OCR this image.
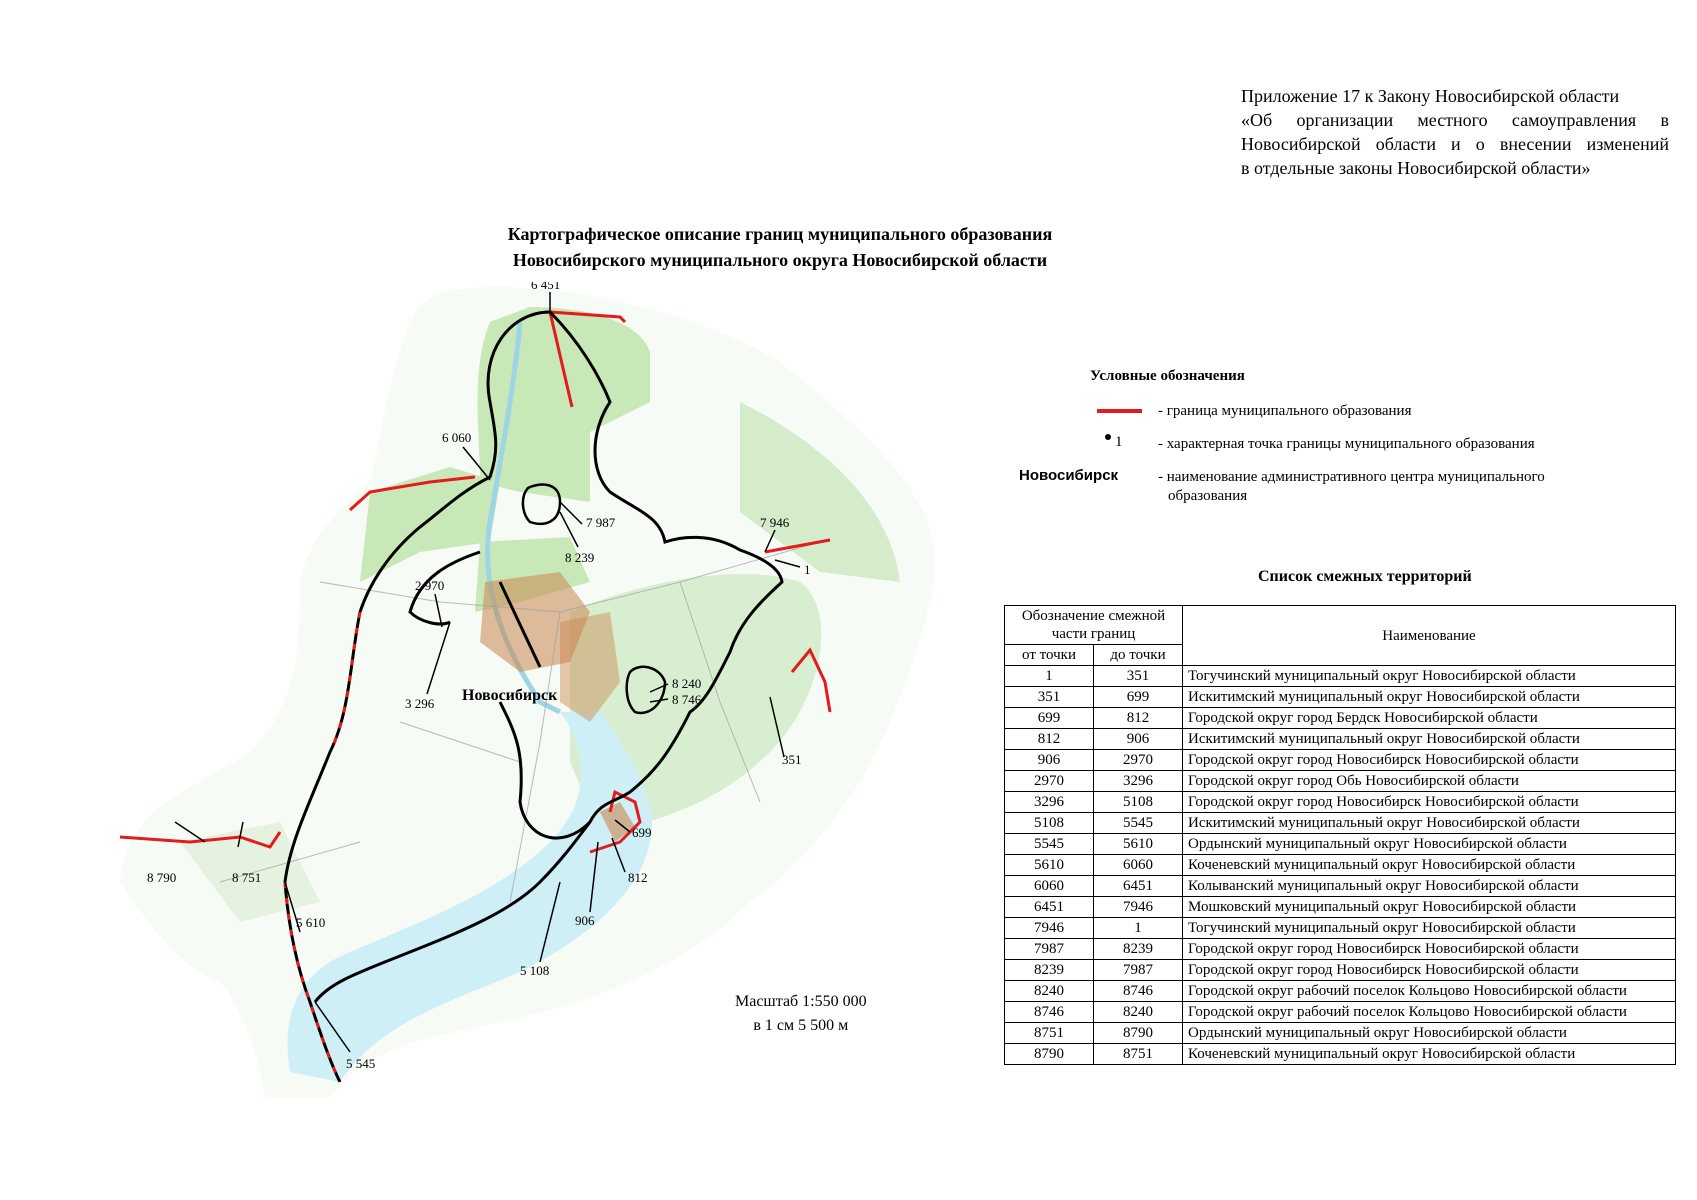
Приложение 17 к Закону Новосибирской области
«Об организации местного самоуправления в
Новосибирской области и о внесении изменений
в отдельные законы Новосибирской области»
Картографическое описание границ муниципального образования
Новосибирского муниципального округа Новосибирской области
6 451
6 060
7 987
8 239
7 946
1
2 970
3 296
8 240
8 746
351
699
812
906
5 108
5 545
5 610
8 790	8 751
Новосибирск
Условные обозначения
- граница муниципального образования
1 - характерная точка границы муниципального образования
Новосибирск	- наименование административного центра муниципального
образования
Список смежных территорий
Обозначение смежной части границ		Наименование
от точки	до точки	
1	351	Тогучинский муниципальный округ Новосибирской области
351	699	Искитимский муниципальный округ Новосибирской области
699	812	Городской округ город Бердск Новосибирской области
812	906	Искитимский муниципальный округ Новосибирской области
906	2970	Городской округ город Новосибирск Новосибирской области
2970	3296	Городской округ город Обь Новосибирской области
3296	5108	Городской округ город Новосибирск Новосибирской области
5108	5545	Искитимский муниципальный округ Новосибирской области
5545	5610	Ордынский муниципальный округ Новосибирской области
5610	6060	Коченевский муниципальный округ Новосибирской области
6060	6451	Колыванский муниципальный округ Новосибирской области
6451	7946	Мошковский муниципальный округ Новосибирской области
7946	1	Тогучинский муниципальный округ Новосибирской области
7987	8239	Городской округ город Новосибирск Новосибирской области
8239	7987	Городской округ город Новосибирск Новосибирской области
8240	8746	Городской округ рабочий поселок Кольцово Новосибирской области
8746	8240	Городской округ рабочий поселок Кольцово Новосибирской области
8751	8790	Ордынский муниципальный округ Новосибирской области
8790	8751	Коченевский муниципальный округ Новосибирской области
Масштаб 1:550 000
в 1 см 5 500 м
